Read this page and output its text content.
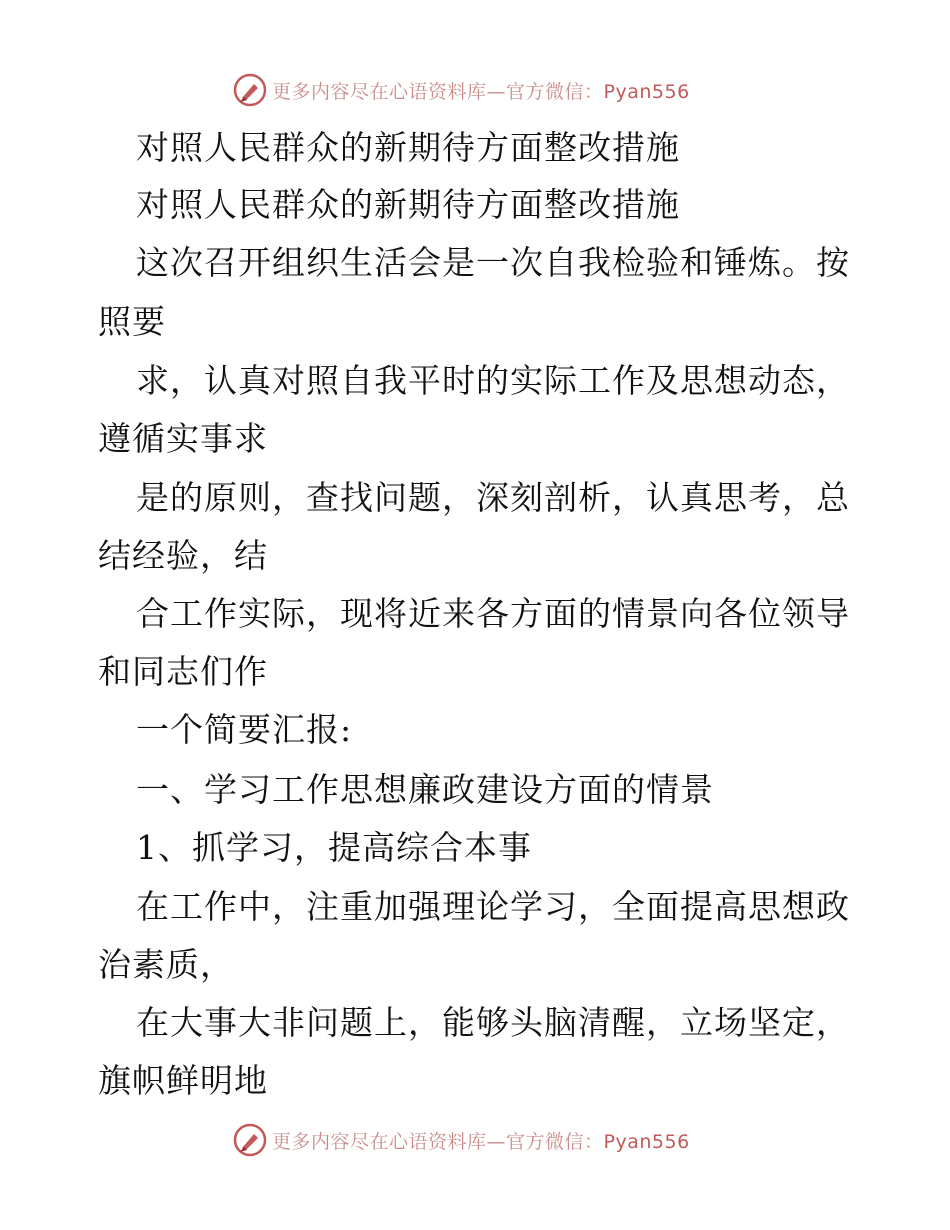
更多内容尽在心语资料库—官方微信：Pyan556
对照人民群众的新期待方面整改措施
对照人民群众的新期待方面整改措施
这次召开组织生活会是一次自我检验和锤炼。按
照要
求，认真对照自我平时的实际工作及思想动态，
遵循实事求
是的原则，查找问题，深刻剖析，认真思考，总
结经验，结
合工作实际，现将近来各方面的情景向各位领导
和同志们作
一个简要汇报:
一、学习工作思想廉政建设方面的情景
1、抓学习，提高综合本事
在工作中，注重加强理论学习，全面提高思想政
治素质，
在大事大非问题上，能够头脑清醒，立场坚定，
旗帜鲜明地
更多内容尽在心语资料库—官方微信：Pyan556
